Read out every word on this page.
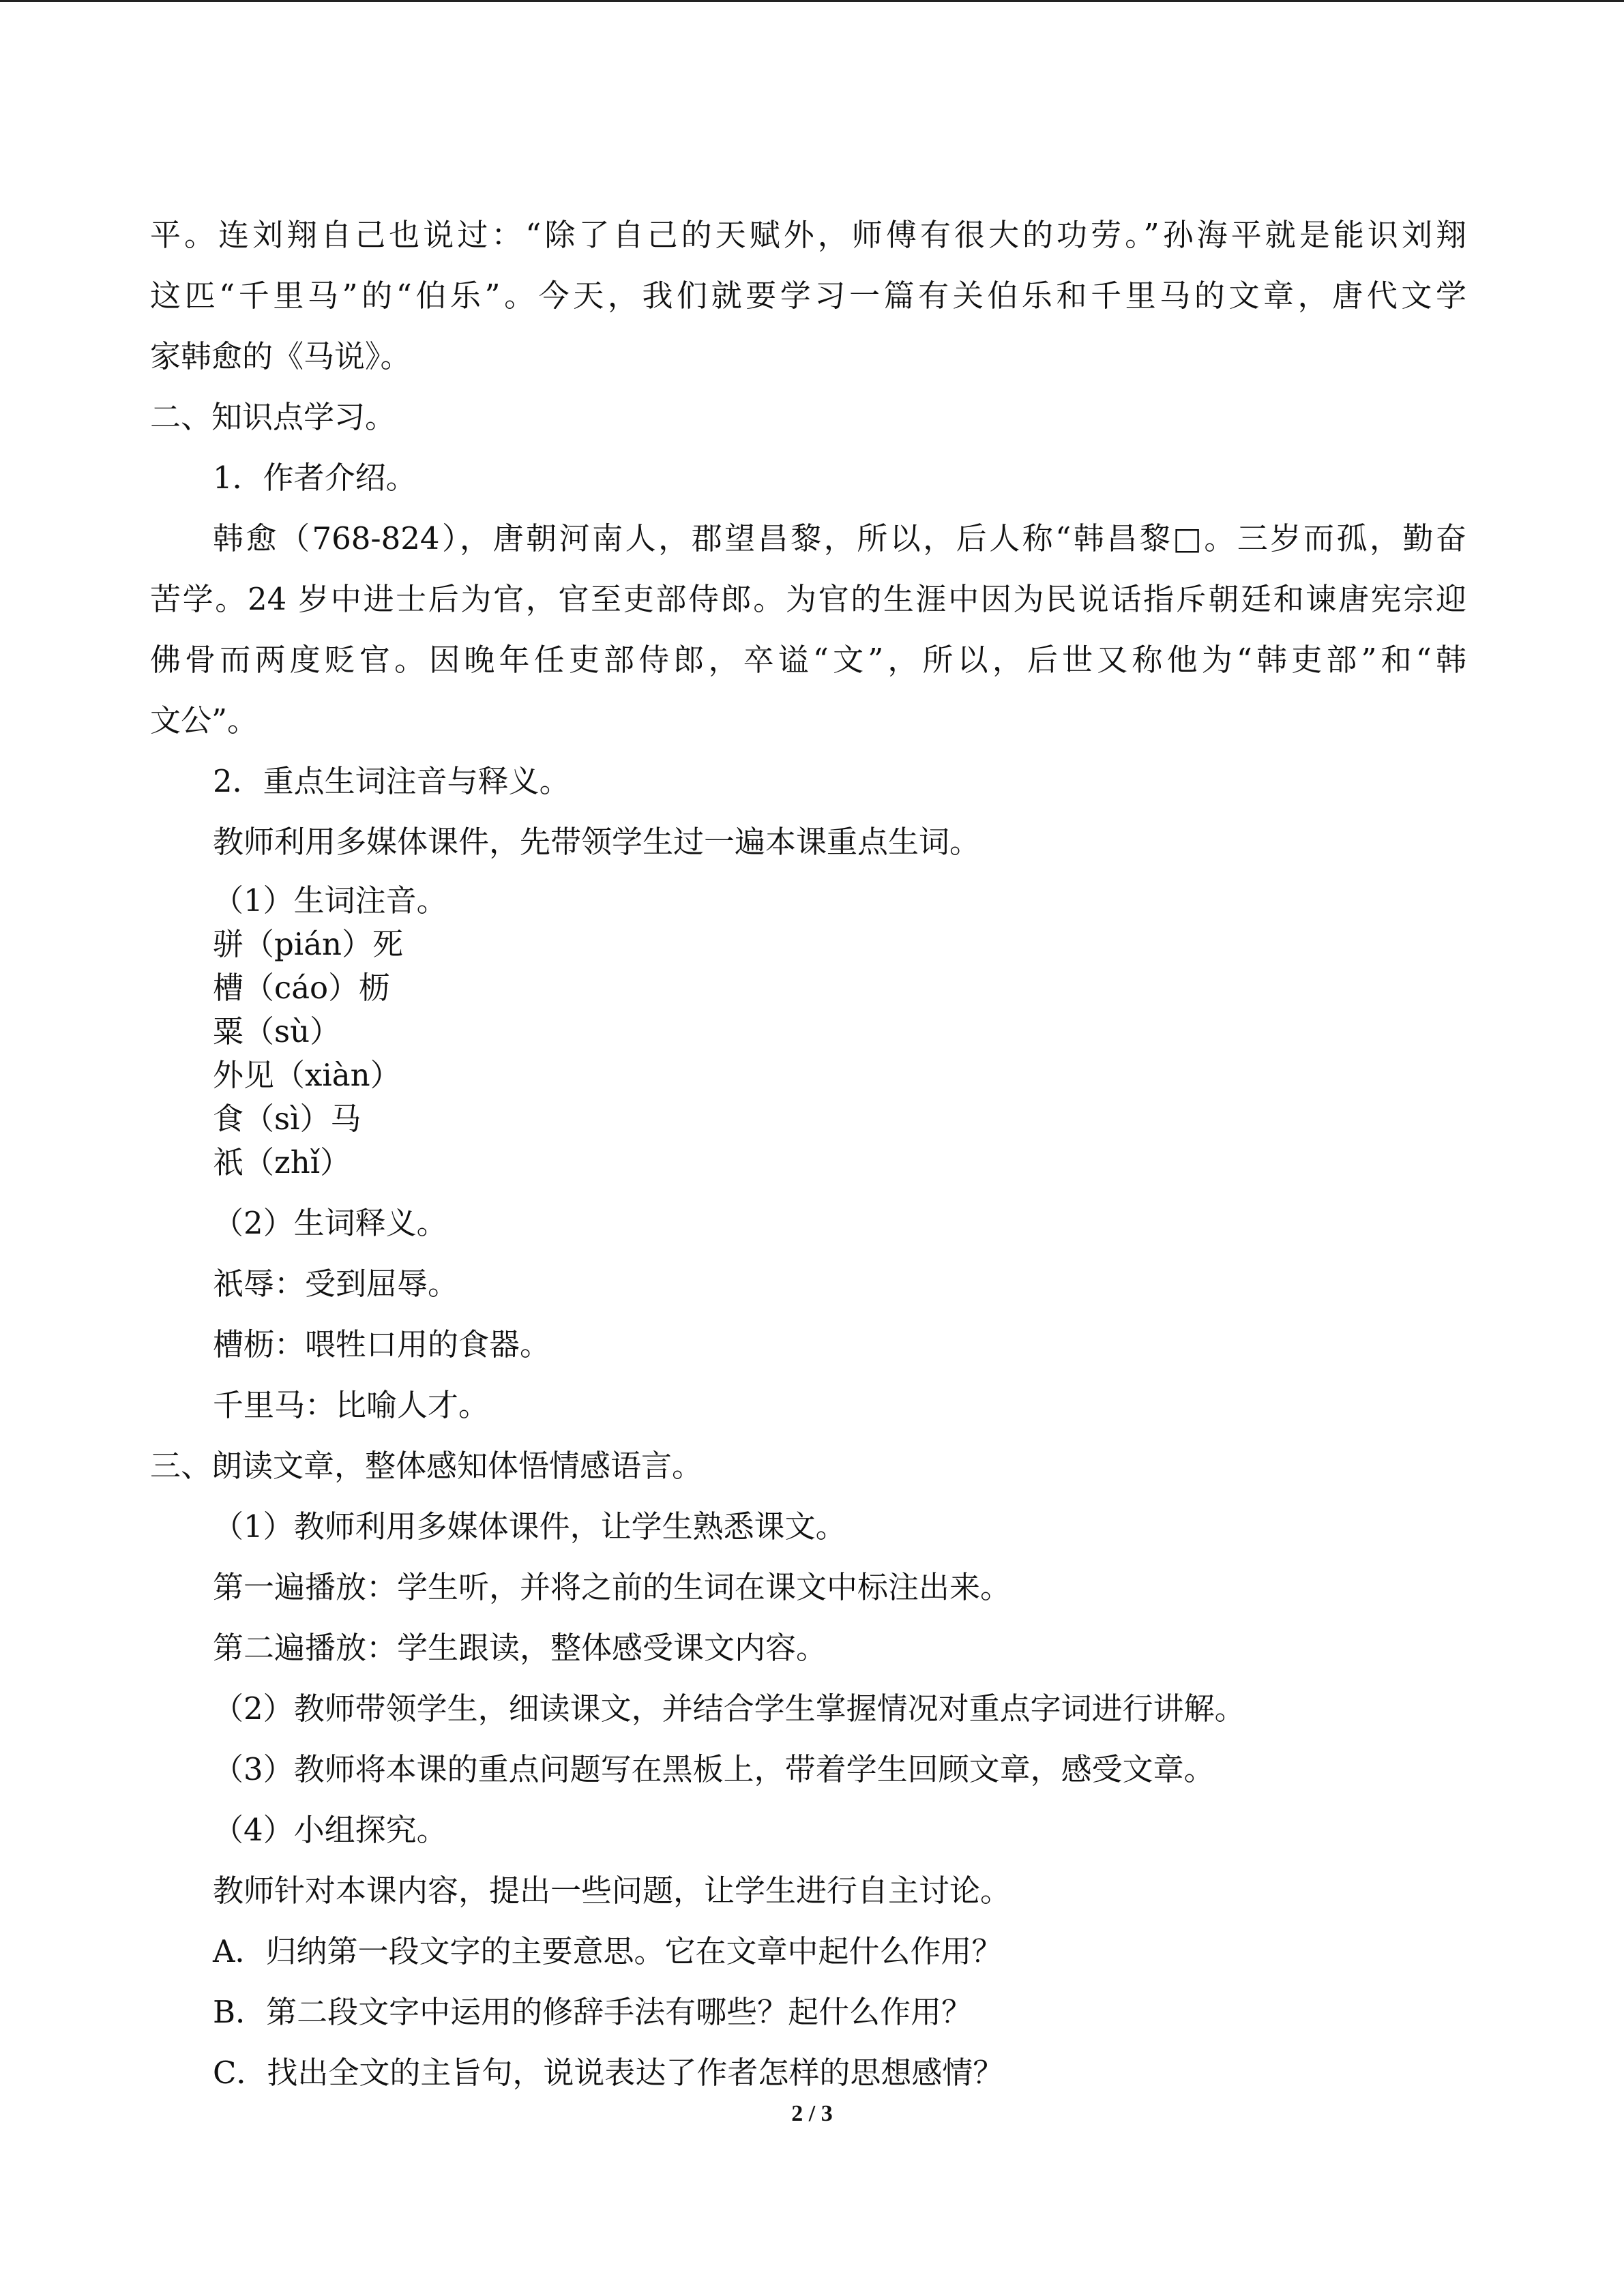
平。连刘翔自己也说过：“除了自己的天赋外，师傅有很大的功劳。”孙海平就是能识刘翔

这匹“千里马”的“伯乐”。今天，我们就要学习一篇有关伯乐和千里马的文章，唐代文学

家韩愈的《马说》。

二、知识点学习。

1．作者介绍。

韩愈（768-824），唐朝河南人，郡望昌黎，所以，后人称“韩昌黎□。三岁而孤，勤奋

苦学。24 岁中进士后为官，官至吏部侍郎。为官的生涯中因为民说话指斥朝廷和谏唐宪宗迎

佛骨而两度贬官。因晚年任吏部侍郎，卒谥“文”，所以，后世又称他为“韩吏部”和“韩

文公”。

2．重点生词注音与释义。

教师利用多媒体课件，先带领学生过一遍本课重点生词。

（1）生词注音。

骈（pián）死

槽（cáo）枥

粟（sù）

外见（xiàn）

食（sì）马

祇（zhǐ）

（2）生词释义。

祇辱：受到屈辱。

槽枥：喂牲口用的食器。

千里马：比喻人才。

三、朗读文章，整体感知体悟情感语言。

（1）教师利用多媒体课件，让学生熟悉课文。

第一遍播放：学生听，并将之前的生词在课文中标注出来。

第二遍播放：学生跟读，整体感受课文内容。

（2）教师带领学生，细读课文，并结合学生掌握情况对重点字词进行讲解。

（3）教师将本课的重点问题写在黑板上，带着学生回顾文章，感受文章。

（4）小组探究。

教师针对本课内容，提出一些问题，让学生进行自主讨论。

A．归纳第一段文字的主要意思。它在文章中起什么作用？

B．第二段文字中运用的修辞手法有哪些？起什么作用？

C．找出全文的主旨句，说说表达了作者怎样的思想感情？

2 / 3
